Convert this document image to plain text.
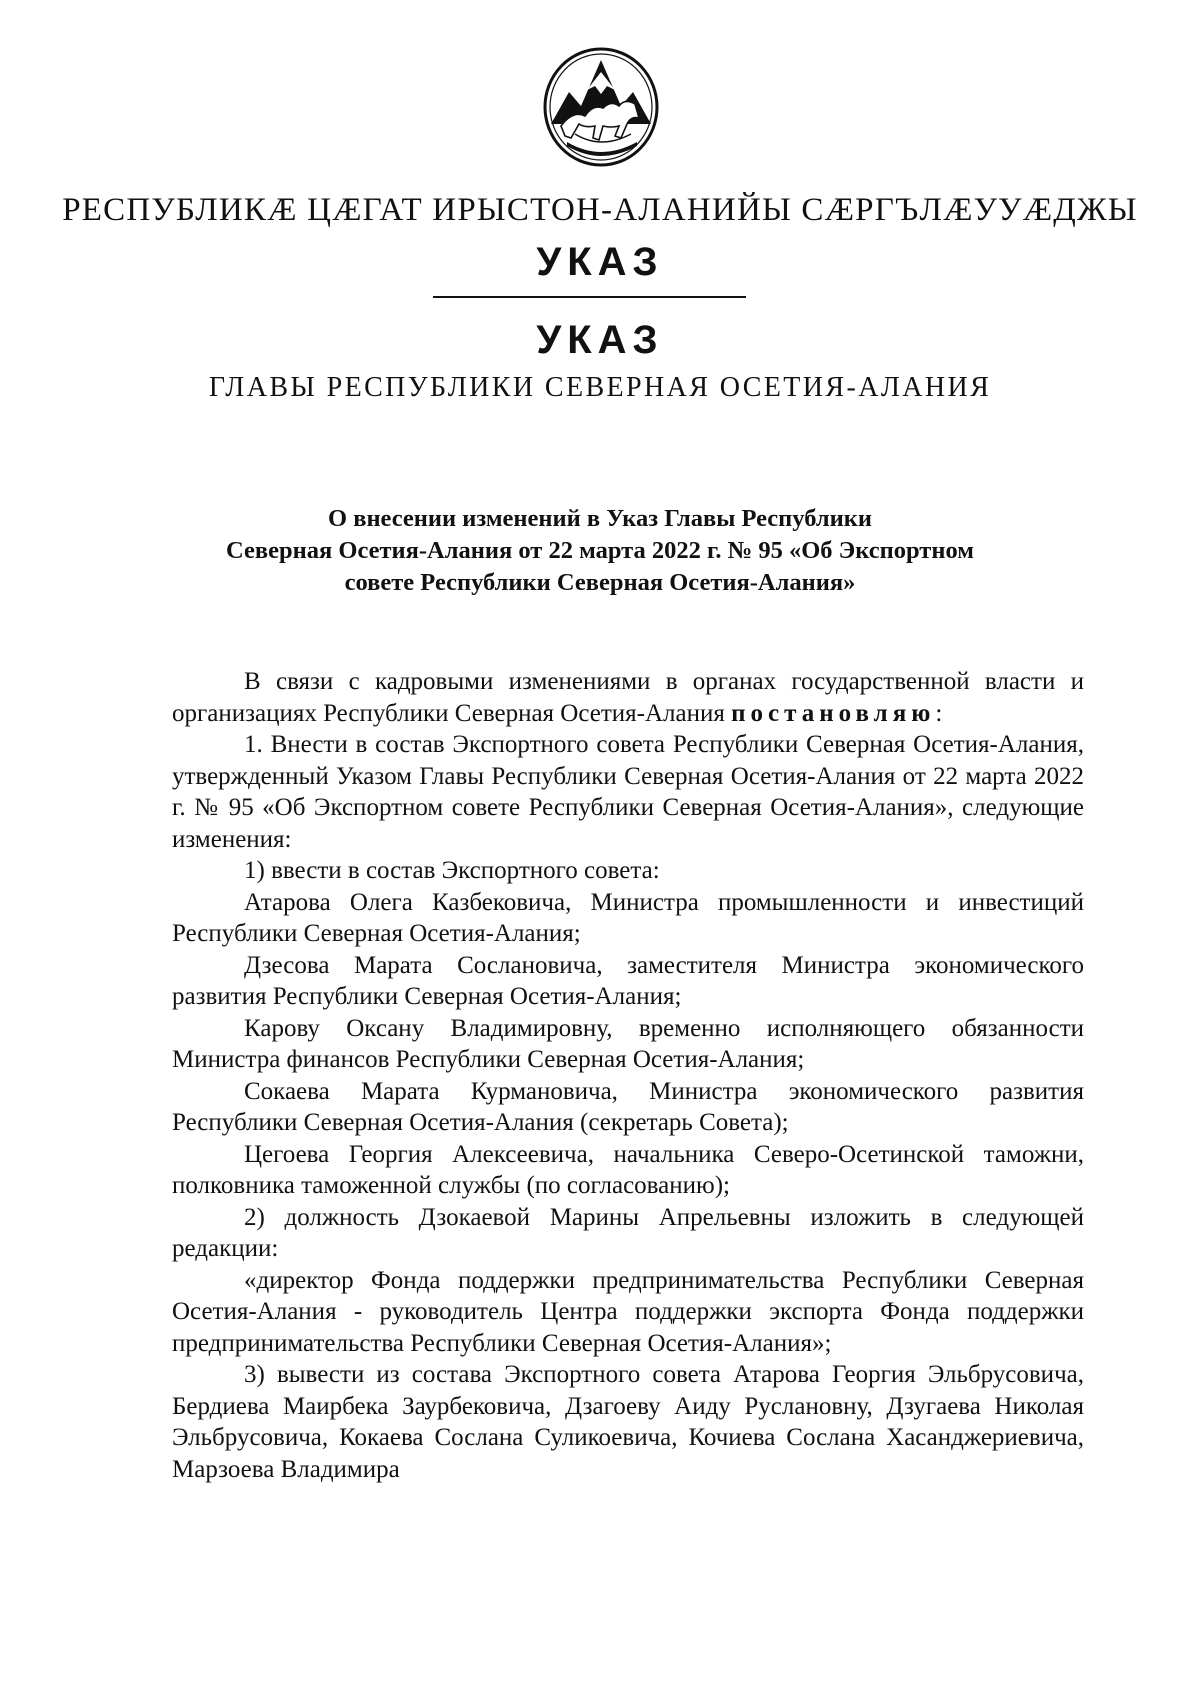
РЕСПУБЛИКӔ ЦӔГАТ ИРЫСТОН-АЛАНИЙЫ СӔРГЪЛӔУУӔДЖЫ
УКАЗ
УКАЗ
ГЛАВЫ РЕСПУБЛИКИ СЕВЕРНАЯ ОСЕТИЯ-АЛАНИЯ
О внесении изменений в Указ Главы Республики
Северная Осетия-Алания от 22 марта 2022 г. № 95 «Об Экспортном
совете Республики Северная Осетия-Алания»

В связи с кадровыми изменениями в органах государственной власти и организациях Республики Северная Осетия-Алания постановляю:

1. Внести в состав Экспортного совета Республики Северная Осетия-Алания, утвержденный Указом Главы Республики Северная Осетия-Алания от 22 марта 2022 г. № 95 «Об Экспортном совете Республики Северная Осетия-Алания», следующие изменения:

1) ввести в состав Экспортного совета:

Атарова Олега Казбековича, Министра промышленности и инвестиций Республики Северная Осетия-Алания;

Дзесова Марата Сослановича, заместителя Министра экономического развития Республики Северная Осетия-Алания;

Карову Оксану Владимировну, временно исполняющего обязанности Министра финансов Республики Северная Осетия-Алания;

Сокаева Марата Курмановича, Министра экономического развития Республики Северная Осетия-Алания (секретарь Совета);

Цегоева Георгия Алексеевича, начальника Северо-Осетинской таможни, полковника таможенной службы (по согласованию);

2) должность Дзокаевой Марины Апрельевны изложить в следующей редакции:

«директор Фонда поддержки предпринимательства Республики Северная Осетия-Алания - руководитель Центра поддержки экспорта Фонда поддержки предпринимательства Республики Северная Осетия-Алания»;

3) вывести из состава Экспортного совета Атарова Георгия Эльбрусовича, Бердиева Маирбека Заурбековича, Дзагоеву Аиду Руслановну, Дзугаева Николая Эльбрусовича, Кокаева Сослана Суликоевича, Кочиева Сослана Хасанджериевича, Марзоева Владимира
